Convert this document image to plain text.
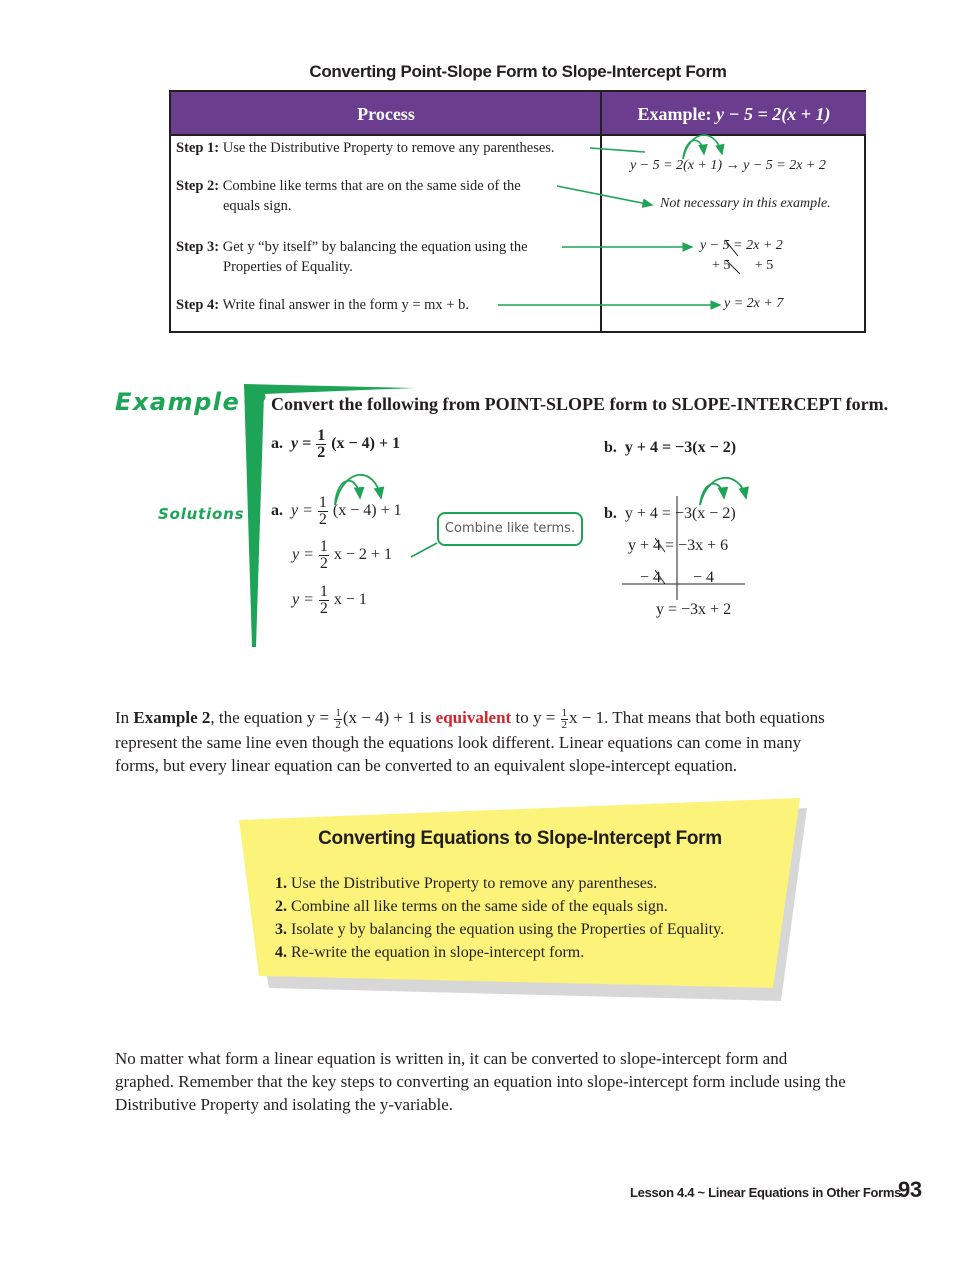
Converting Point-Slope Form to Slope-Intercept Form
Process	Example: y − 5 = 2(x + 1)
Step 1: Use the Distributive Property to remove any parentheses.
Step 2: Combine like terms that are on the same side of the
equals sign.
Step 3: Get y “by itself” by balancing the equation using the
Properties of Equality.
Step 4: Write final answer in the form y = mx + b.
y − 5 = 2(x + 1) → y − 5 = 2x + 2
Not necessary in this example.
y − 5 = 2x + 2
+ 5       + 5
y = 2x + 7
Example 2
Solutions
Convert the following from POINT-SLOPE form to SLOPE-INTERCEPT form.
a. $y = \frac{1}{2} (x - 4) + 1$	b. y + 4 = −3(x − 2)
a. $y = \frac{1}{2} (x - 4) + 1$
$y = \frac{1}{2}$ x − 2 + 1
$y = \frac{1}{2}$ x − 1
Combine like terms.
b. y + 4 = −3(x − 2)
y + 4 = −3x + 6
− 4        − 4
y = −3x + 2
In Example 2, the equation $y = \frac{1}{2} (x - 4) + 1$ is equivalent to $y = \frac{1}{2}$ x − 1. That means that both equations
represent the same line even though the equations look different. Linear equations can come in many
forms, but every linear equation can be converted to an equivalent slope-intercept equation.
Converting Equations to Slope-Intercept Form
1. Use the Distributive Property to remove any parentheses.
2. Combine all like terms on the same side of the equals sign.
3. Isolate y by balancing the equation using the Properties of Equality.
4. Re-write the equation in slope-intercept form.
No matter what form a linear equation is written in, it can be converted to slope-intercept form and
graphed. Remember that the key steps to converting an equation into slope-intercept form include using the
Distributive Property and isolating the y-variable.
Lesson 4.4 ~ Linear Equations in Other Forms
93
